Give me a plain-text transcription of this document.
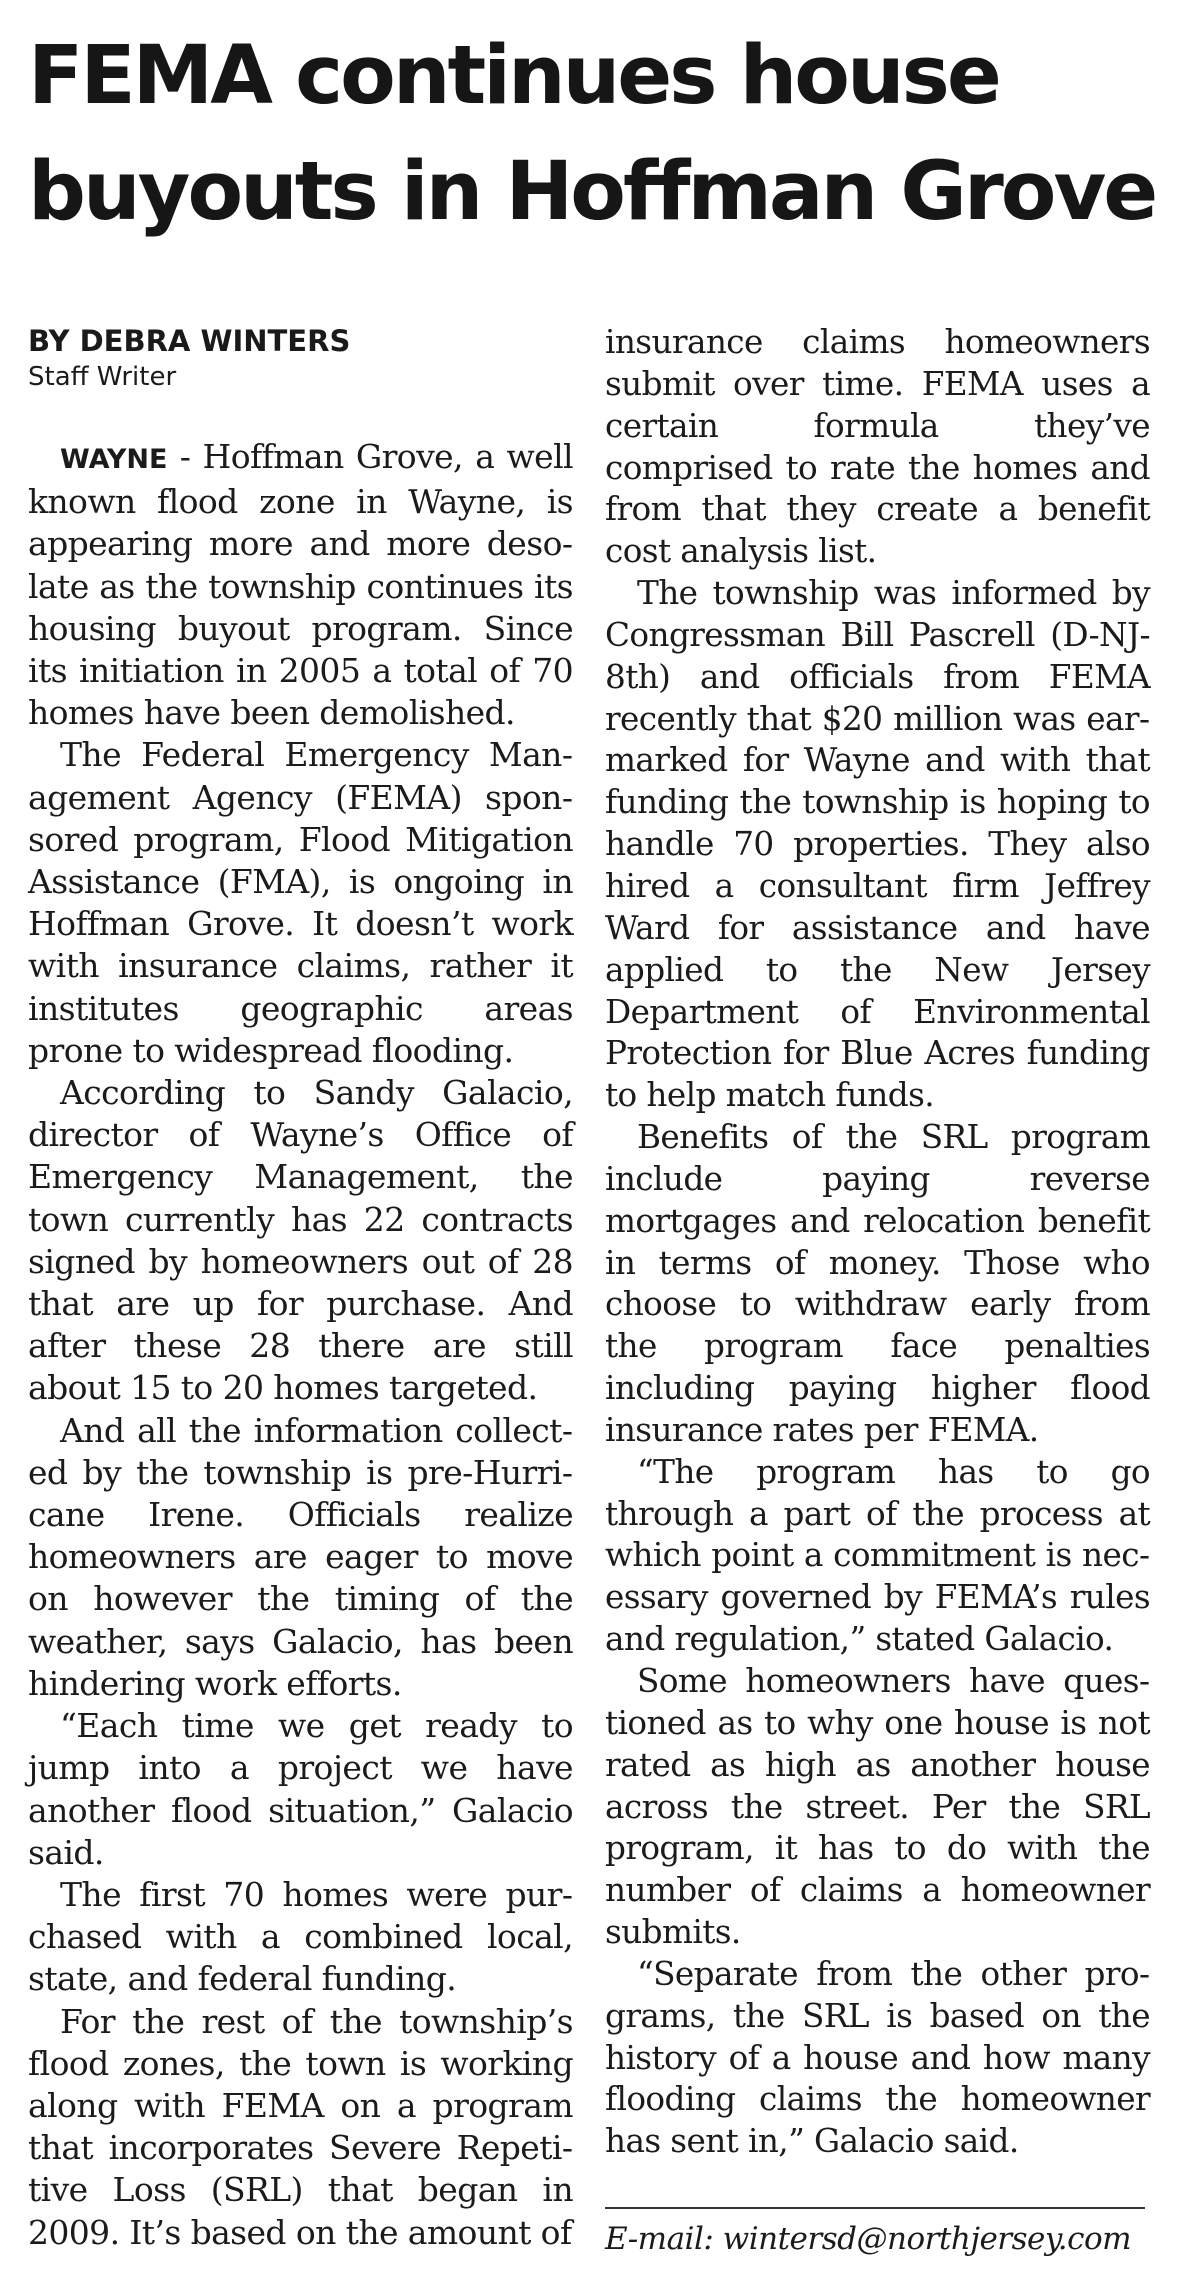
FEMA continues house
buyouts in Hoffman Grove
BY DEBRA WINTERS
Staff Writer

WAYNE - Hoffman Grove, a well known flood zone in Wayne, is appearing more and more desolate as the township continues its housing buyout program. Since its initiation in 2005 a total of 70 homes have been demolished.

The Federal Emergency Management Agency (FEMA) sponsored program, Flood Mitigation Assistance (FMA), is ongoing in Hoffman Grove. It doesn’t work with insurance claims, rather it institutes geographic areas prone to widespread flooding.

According to Sandy Galacio, director of Wayne’s Office of Emergency Management, the town currently has 22 contracts signed by homeowners out of 28 that are up for purchase. And after these 28 there are still about 15 to 20 homes targeted.

And all the information collected by the township is pre-Hurricane Irene. Officials realize homeowners are eager to move on however the timing of the weather, says Galacio, has been hindering work efforts.

“Each time we get ready to jump into a project we have another flood situation,” Galacio said.

The first 70 homes were purchased with a combined local, state, and federal funding.

For the rest of the township’s flood zones, the town is working along with FEMA on a program that incorporates Severe Repetitive Loss (SRL) that began in 2009. It’s based on the amount of

insurance claims homeowners submit over time. FEMA uses a certain formula they’ve comprised to rate the homes and from that they create a benefit cost analysis list.

The township was informed by Congressman Bill Pascrell (D-NJ-8th) and officials from FEMA recently that $20 million was earmarked for Wayne and with that funding the township is hoping to handle 70 properties. They also hired a consultant firm Jeffrey Ward for assistance and have applied to the New Jersey Department of Environmental Protection for Blue Acres funding to help match funds.

Benefits of the SRL program include paying reverse mortgages and relocation benefit in terms of money. Those who choose to withdraw early from the program face penalties including paying higher flood insurance rates per FEMA.

“The program has to go through a part of the process at which point a commitment is necessary governed by FEMA’s rules and regulation,” stated Galacio.

Some homeowners have questioned as to why one house is not rated as high as another house across the street. Per the SRL program, it has to do with the number of claims a homeowner submits.

“Separate from the other programs, the SRL is based on the history of a house and how many flooding claims the homeowner has sent in,” Galacio said.

E-mail: wintersd@northjersey.com
